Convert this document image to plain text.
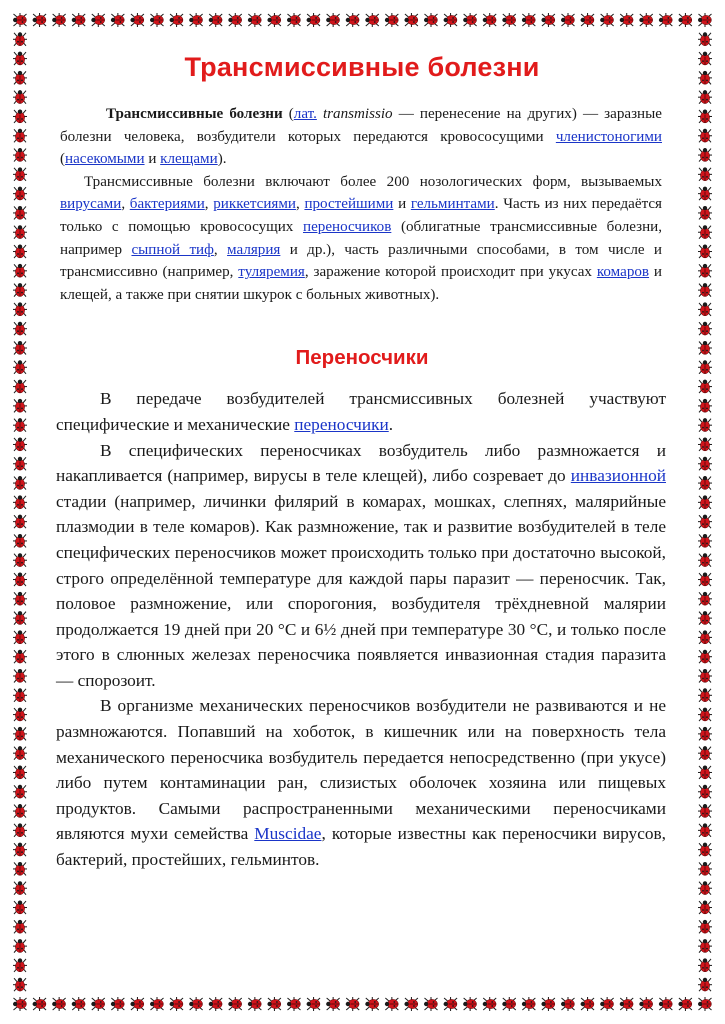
Трансмиссивные болезни

Трансмиссивные болезни (лат. transmissio — перенесение на других) — заразные болезни человека, возбудители которых передаются кровососущими членистоногими (насекомыми и клещами).

Трансмиссивные болезни включают более 200 нозологических форм, вызываемых вирусами, бактериями, риккетсиями, простейшими и гельминтами. Часть из них передаётся только с помощью кровососущих переносчиков (облигатные трансмиссивные болезни, например сыпной тиф, малярия и др.), часть различными способами, в том числе и трансмиссивно (например, туляремия, заражение которой происходит при укусах комаров и клещей, а также при снятии шкурок с больных животных).

Переносчики

В передаче возбудителей трансмиссивных болезней участвуют специфические и механические переносчики.

В специфических переносчиках возбудитель либо размножается и накапливается (например, вирусы в теле клещей), либо созревает до инвазионной стадии (например, личинки филярий в комарах, мошках, слепнях, малярийные плазмодии в теле комаров). Как размножение, так и развитие возбудителей в теле специфических переносчиков может происходить только при достаточно высокой, строго определённой температуре для каждой пары паразит — переносчик. Так, половое размножение, или спорогония, возбудителя трёхдневной малярии продолжается 19 дней при 20 °C и 6½ дней при температуре 30 °C, и только после этого в слюнных железах переносчика появляется инвазионная стадия паразита — спорозоит.

В организме механических переносчиков возбудители не развиваются и не размножаются. Попавший на хоботок, в кишечник или на поверхность тела механического переносчика возбудитель передается непосредственно (при укусе) либо путем контаминации ран, слизистых оболочек хозяина или пищевых продуктов. Самыми распространенными механическими переносчиками являются мухи семейства Muscidae, которые известны как переносчики вирусов, бактерий, простейших, гельминтов.
